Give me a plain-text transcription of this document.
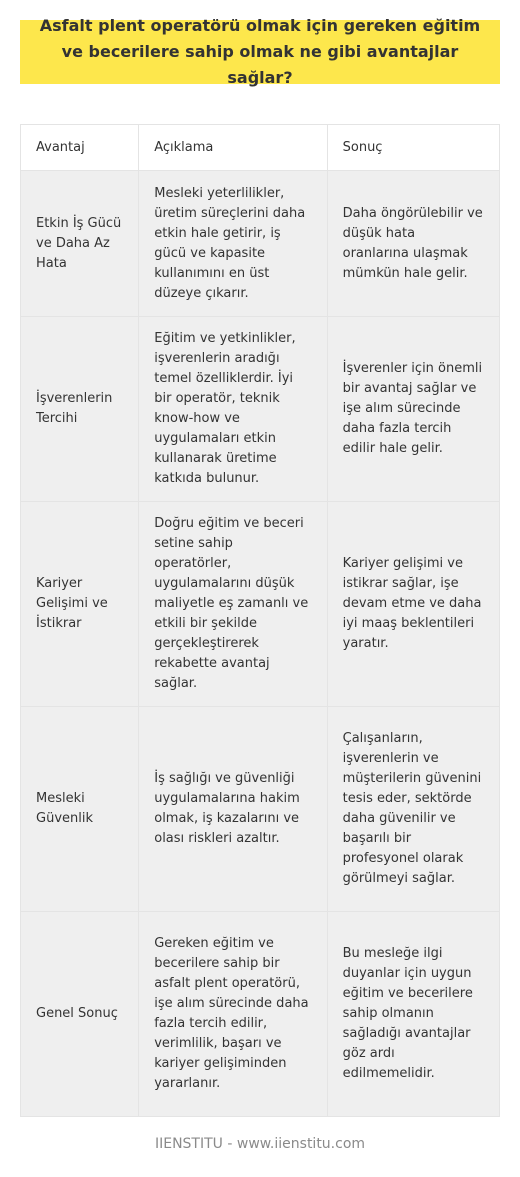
Asfalt plent operatörü olmak için gereken eğitim ve becerilere sahip olmak ne gibi avantajlar sağlar?
Avantaj	Açıklama	Sonuç
Etkin İş Gücü ve Daha Az Hata	Mesleki yeterlilikler, üretim süreçlerini daha etkin hale getirir, iş gücü ve kapasite kullanımını en üst düzeye çıkarır.	Daha öngörülebilir ve düşük hata oranlarına ulaşmak mümkün hale gelir.
İşverenlerin Tercihi	Eğitim ve yetkinlikler, işverenlerin aradığı temel özelliklerdir. İyi bir operatör, teknik know-how ve uygulamaları etkin kullanarak üretime katkıda bulunur.	İşverenler için önemli bir avantaj sağlar ve işe alım sürecinde daha fazla tercih edilir hale gelir.
Kariyer Gelişimi ve İstikrar	Doğru eğitim ve beceri setine sahip operatörler, uygulamalarını düşük maliyetle eş zamanlı ve etkili bir şekilde gerçekleştirerek rekabette avantaj sağlar.	Kariyer gelişimi ve istikrar sağlar, işe devam etme ve daha iyi maaş beklentileri yaratır.
Mesleki Güvenlik	İş sağlığı ve güvenliği uygulamalarına hakim olmak, iş kazalarını ve olası riskleri azaltır.	Çalışanların, işverenlerin ve müşterilerin güvenini tesis eder, sektörde daha güvenilir ve başarılı bir profesyonel olarak görülmeyi sağlar.
Genel Sonuç	Gereken eğitim ve becerilere sahip bir asfalt plent operatörü, işe alım sürecinde daha fazla tercih edilir, verimlilik, başarı ve kariyer gelişiminden yararlanır.	Bu mesleğe ilgi duyanlar için uygun eğitim ve becerilere sahip olmanın sağladığı avantajlar göz ardı edilmemelidir.
IIENSTITU - www.iienstitu.com
